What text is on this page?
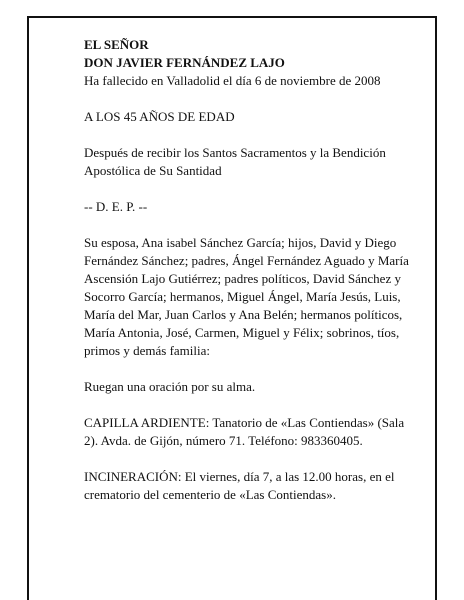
EL SEÑOR

DON JAVIER FERNÁNDEZ LAJO

Ha fallecido en Valladolid el día 6 de noviembre de 2008

A LOS 45 AÑOS DE EDAD

Después de recibir los Santos Sacramentos y la Bendición Apostólica de Su Santidad

-- D. E. P. --

Su esposa, Ana isabel Sánchez García; hijos, David y Diego Fernández Sánchez; padres, Ángel Fernández Aguado y María Ascensión Lajo Gutiérrez; padres políticos, David Sánchez y Socorro García; hermanos, Miguel Ángel, María Jesús, Luis, María del Mar, Juan Carlos y Ana Belén; hermanos políticos, María Antonia, José, Carmen, Miguel y Félix; sobrinos, tíos, primos y demás familia:

Ruegan una oración por su alma.

CAPILLA ARDIENTE: Tanatorio de «Las Contiendas» (Sala 2). Avda. de Gijón, número 71. Teléfono: 983360405.

INCINERACIÓN: El viernes, día 7, a las 12.00 horas, en el crematorio del cementerio de «Las Contiendas».
